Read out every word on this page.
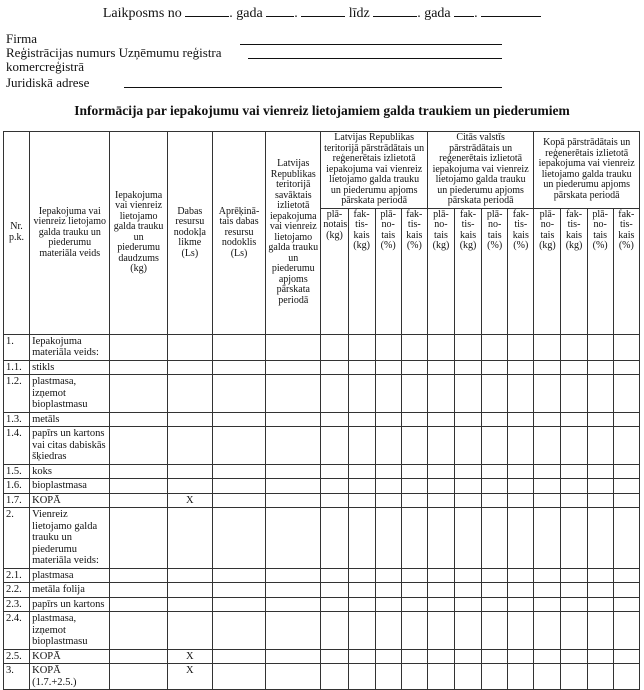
Laikposms no	. gada .	līdz	. gada .
Firma
Reģistrācijas numurs Uzņēmumu reģistra komercreģistrā
Juridiskā adrese
Informācija par iepakojumu vai vienreiz lietojamiem galda traukiem un piederumiem
Nr. p.k.	Iepakojuma vai vienreiz lietojamo galda trauku un piederumu materiāla veids	Iepakojuma vai vienreiz lietojamo galda trauku un piederumu daudzums (kg)	Dabas resursu nodokļa likme (Ls)	Aprēķinā-tais dabas resursu nodoklis (Ls)	Latvijas Republikas teritorijā savāktais izlietotā iepakojuma vai vienreiz lietojamo galda trauku un piederumu apjoms pārskata periodā	Latvijas Republikas teritorijā pārstrādātais un reģenerētais izlietotā iepakojuma vai vienreiz lietojamo galda trauku un piederumu apjoms pārskata periodā				Citās valstīs pārstrādātais un reģenerētais izlietotā iepakojuma vai vienreiz lietojamo galda trauku un piederumu apjoms pārskata periodā				Kopā pārstrādātais un reģenerētais izlietotā iepakojuma vai vienreiz lietojamo galda trauku un piederumu apjoms pārskata periodā			
						plā-notais (kg)	fak-tis-kais (kg)	plā-no-tais (%)	fak-tis-kais (%)	plā-no-tais (kg)	fak-tis-kais (kg)	plā-no-tais (%)	fak-tis-kais (%)	plā-no-tais (kg)	fak-tis-kais (kg)	plā-no-tais (%)	fak-tis-kais (%)
1.	Iepakojuma materiāla veids:																
1.1.	stikls																
1.2.	plastmasa, izņemot bioplastmasu																
1.3.	metāls																
1.4.	papīrs un kartons vai citas dabiskās šķiedras																
1.5.	koks																
1.6.	bioplastmasa																
1.7.	KOPĀ		X														
2.	Vienreiz lietojamo galda trauku un piederumu materiāla veids:																
2.1.	plastmasa																
2.2.	metāla folija																
2.3.	papīrs un kartons																
2.4.	plastmasa, izņemot bioplastmasu																
2.5.	KOPĀ		X														
3.	KOPĀ (1.7.+2.5.)		X														
